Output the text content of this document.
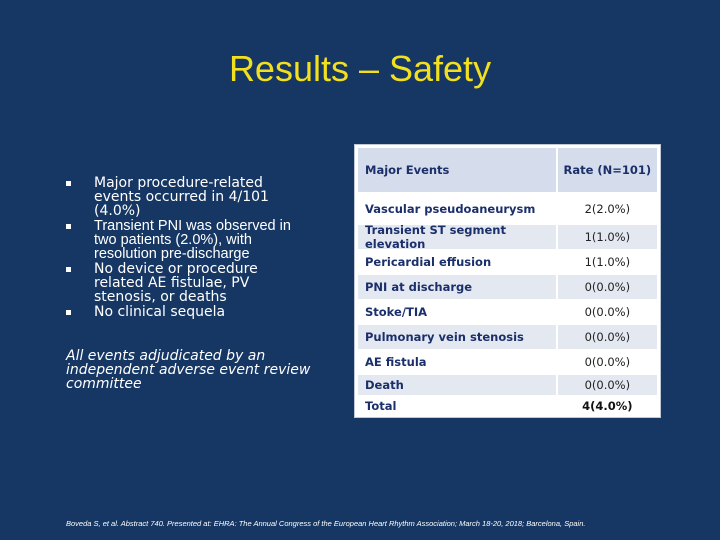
Results – Safety
Major procedure-related events occurred in 4/101 (4.0%)
Transient PNI was observed in two patients (2.0%), with resolution pre-discharge
No device or procedure related AE fistulae, PV stenosis, or deaths
No clinical sequela
All events adjudicated by an independent adverse event review committee
Major Events	Rate (N=101)
Vascular pseudoaneurysm	2(2.0%)
Transient ST segment elevation	1(1.0%)
Pericardial effusion	1(1.0%)
PNI at discharge	0(0.0%)
Stoke/TIA	0(0.0%)
Pulmonary vein stenosis	0(0.0%)
AE fistula	0(0.0%)
Death	0(0.0%)
Total	4(4.0%)
Boveda S, et al. Abstract 740. Presented at: EHRA: The Annual Congress of the European Heart Rhythm Association; March 18-20, 2018; Barcelona, Spain.
